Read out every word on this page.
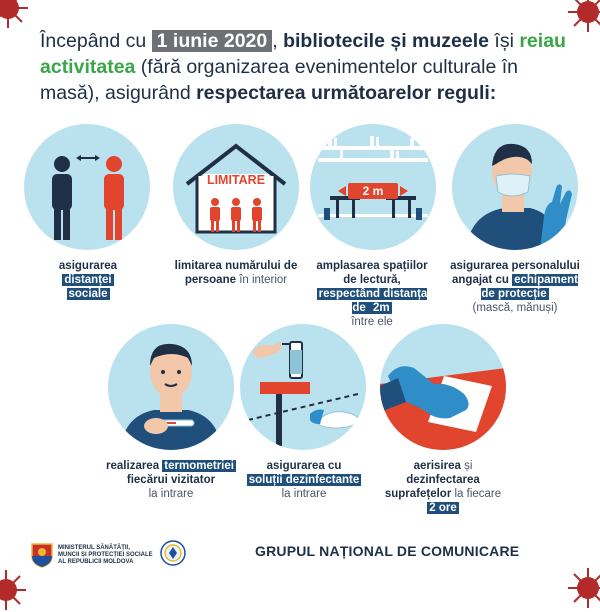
Începând cu 1 iunie 2020 , bibliotecile și muzeele își reiau
activitatea (fără organizarea evenimentelor culturale în masă), asigurând respectarea următoarelor reguli:
LIMITARE
2 m
asigurarea
distanței
sociale
limitarea numărului de persoane în interior
amplasarea spațiilor de lectură, respectând distanța de 2m
între ele
asigurarea personalului angajat cu echipament de protecție
(mască, mănuși)
realizarea termometriei
fiecărui vizitator
la intrare
asigurarea cu
soluții dezinfectante
la intrare
aerisirea și dezinfectarea suprafețelor la fiecare
2 ore
MINISTERUL SĂNĂTĂȚII,
MUNCII ȘI PROTECȚIEI SOCIALE
AL REPUBLICII MOLDOVA
GRUPUL NAȚIONAL DE COMUNICARE
